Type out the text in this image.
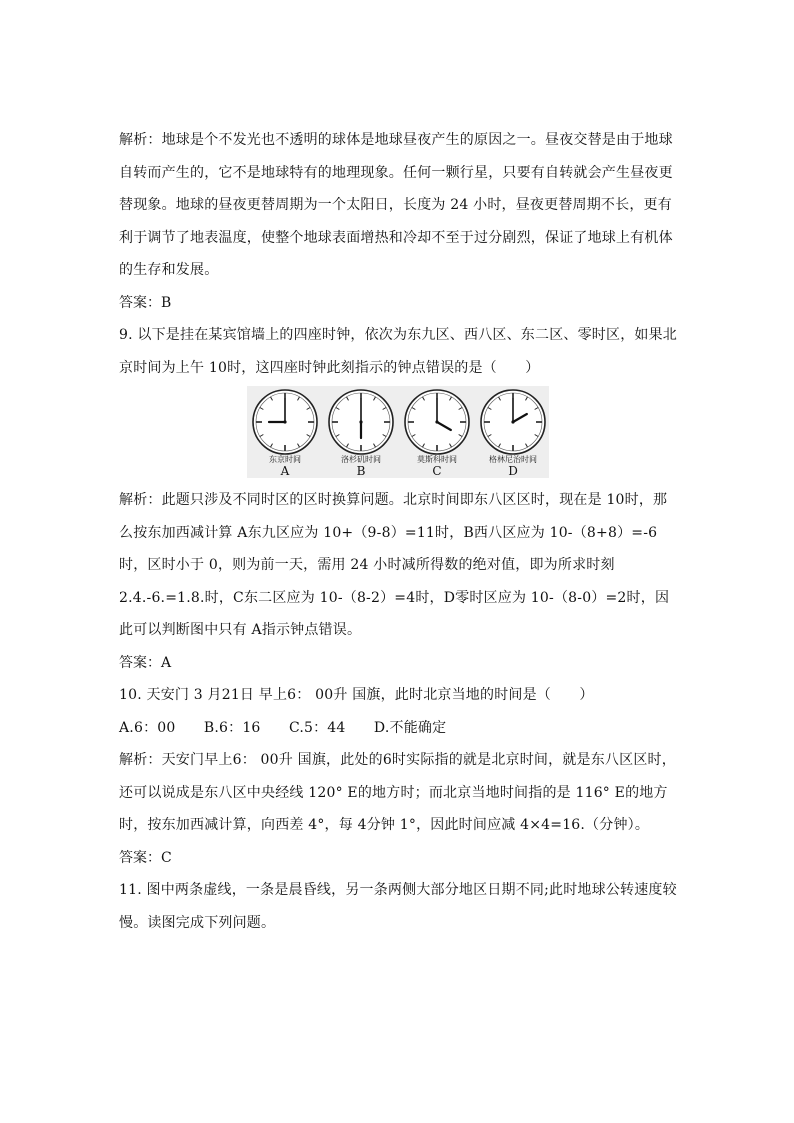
解析：地球是个不发光也不透明的球体是地球昼夜产生的原因之一。昼夜交替是由于地球自转而产生的，它不是地球特有的地理现象。任何一颗行星，只要有自转就会产生昼夜更替现象。地球的昼夜更替周期为一个太阳日，长度为 24 小时，昼夜更替周期不长，更有利于调节了地表温度，使整个地球表面增热和冷却不至于过分剧烈，保证了地球上有机体的生存和发展。

答案：B

9. 以下是挂在某宾馆墙上的四座时钟，依次为东九区、西八区、东二区、零时区，如果北京时间为上午 10时，这四座时钟此刻指示的钟点错误的是（　　）

东京时间
A
洛杉矶时间
B
莫斯科时间
C
格林尼治时间
D

解析：此题只涉及不同时区的区时换算问题。北京时间即东八区区时，现在是 10时，那么按东加西减计算 A东九区应为 10+（9-8）=11时，B西八区应为 10-（8+8）=-6时，区时小于 0，则为前一天，需用 24 小时减所得数的绝对值，即为所求时刻 2.4.-6.=1.8.时，C东二区应为 10-（8-2）=4时，D零时区应为 10-（8-0）=2时，因此可以判断图中只有 A指示钟点错误。

答案：A

10. 天安门 3 月21日 早上6： 00升 国旗，此时北京当地的时间是（　　）

A.6：00　　B.6：16　　C.5：44　　D.不能确定

解析：天安门早上6： 00升 国旗，此处的6时实际指的就是北京时间，就是东八区区时，还可以说成是东八区中央经线 120° E的地方时；而北京当地时间指的是 116° E的地方时，按东加西减计算，向西差 4°，每 4分钟 1°，因此时间应减 4×4=16.（分钟）。

答案：C

11. 图中两条虚线，一条是晨昏线，另一条两侧大部分地区日期不同;此时地球公转速度较慢。读图完成下列问题。
